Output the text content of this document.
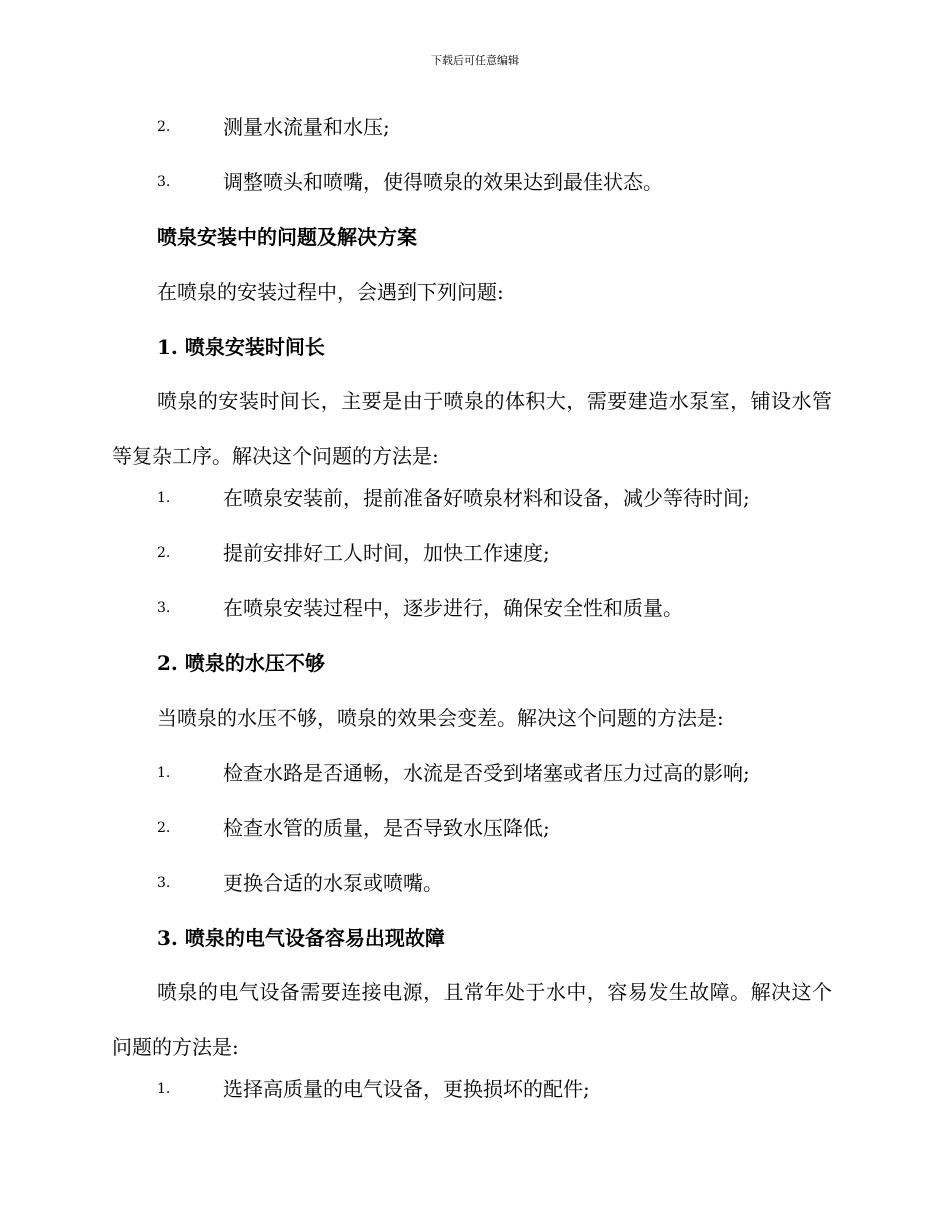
下载后可任意编辑
2.	测量水流量和水压;
3.	调整喷头和喷嘴，使得喷泉的效果达到最佳状态。
喷泉安装中的问题及解决方案
在喷泉的安装过程中，会遇到下列问题:
1. 喷泉安装时间长
喷泉的安装时间长，主要是由于喷泉的体积大，需要建造水泵室，铺设水管等复杂工序。解决这个问题的方法是:
1.	在喷泉安装前，提前准备好喷泉材料和设备，减少等待时间;
2.	提前安排好工人时间，加快工作速度;
3.	在喷泉安装过程中，逐步进行，确保安全性和质量。
2. 喷泉的水压不够
当喷泉的水压不够，喷泉的效果会变差。解决这个问题的方法是:
1.	检查水路是否通畅，水流是否受到堵塞或者压力过高的影响;
2.	检查水管的质量，是否导致水压降低;
3.	更换合适的水泵或喷嘴。
3. 喷泉的电气设备容易出现故障
喷泉的电气设备需要连接电源，且常年处于水中，容易发生故障。解决这个问题的方法是:
1.	选择高质量的电气设备，更换损坏的配件;
